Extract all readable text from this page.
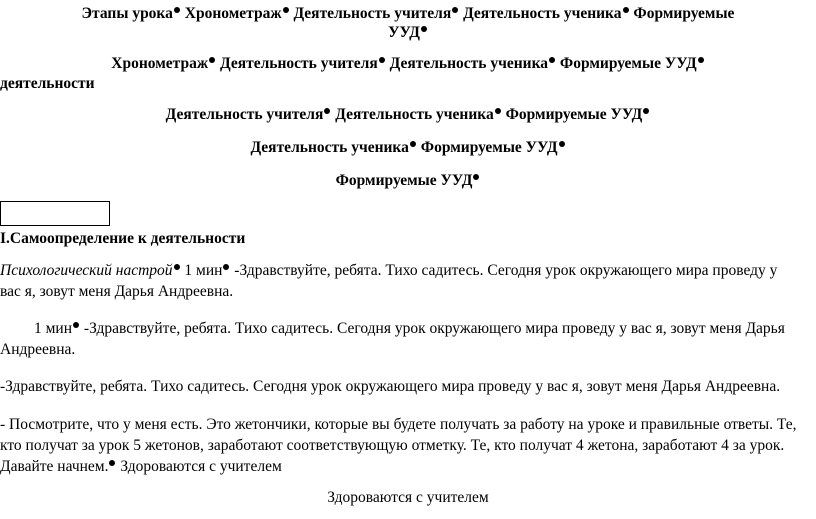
Этапы урока Хронометраж Деятельность учителя Деятельность ученика Формируемые
УУД
Хронометраж Деятельность учителя Деятельность ученика Формируемые УУД
деятельности
Деятельность учителя Деятельность ученика Формируемые УУД
Деятельность ученика Формируемые УУД
Формируемые УУД
I.Самоопределение к деятельности
Психологический настрой 1 мин -Здравствуйте, ребята. Тихо садитесь. Сегодня урок окружающего мира проведу у
вас я, зовут меня Дарья Андреевна.
1 мин -Здравствуйте, ребята. Тихо садитесь. Сегодня урок окружающего мира проведу у вас я, зовут меня Дарья
Андреевна.
-Здравствуйте, ребята. Тихо садитесь. Сегодня урок окружающего мира проведу у вас я, зовут меня Дарья Андреевна.
- Посмотрите, что у меня есть. Это жетончики, которые вы будете получать за работу на уроке и правильные ответы. Те,
кто получат за урок 5 жетонов, заработают соответствующую отметку. Те, кто получат 4 жетона, заработают 4 за урок.
Давайте начнем. Здороваются с учителем
Здороваются с учителем
